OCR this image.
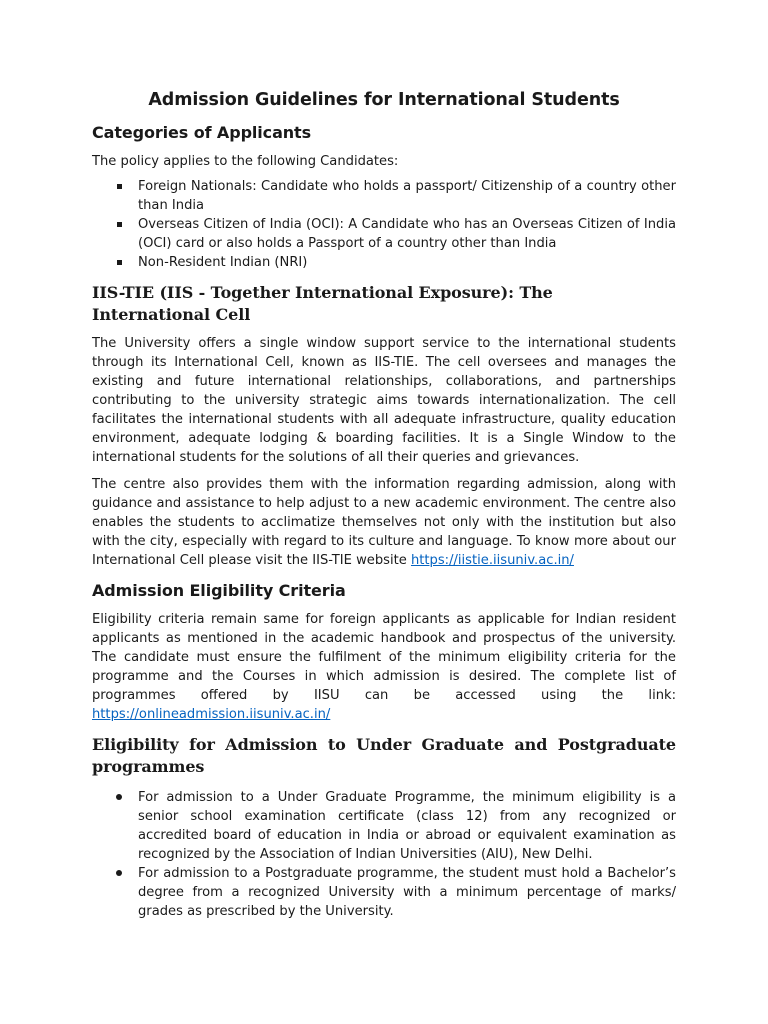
Admission Guidelines for International Students
Categories of Applicants

The policy applies to the following Candidates:

Foreign Nationals: Candidate who holds a passport/ Citizenship of a country other than India
Overseas Citizen of India (OCI): A Candidate who has an Overseas Citizen of India (OCI) card or also holds a Passport of a country other than India
Non-Resident Indian (NRI)
IIS-TIE (IIS - Together International Exposure): The International Cell

The University offers a single window support service to the international students through its International Cell, known as IIS-TIE. The cell oversees and manages the existing and future international relationships, collaborations, and partnerships contributing to the university strategic aims towards internationalization. The cell facilitates the international students with all adequate infrastructure, quality education environment, adequate lodging & boarding facilities. It is a Single Window to the international students for the solutions of all their queries and grievances.

The centre also provides them with the information regarding admission, along with guidance and assistance to help adjust to a new academic environment. The centre also enables the students to acclimatize themselves not only with the institution but also with the city, especially with regard to its culture and language. To know more about our International Cell please visit the IIS-TIE website https://iistie.iisuniv.ac.in/

Admission Eligibility Criteria

Eligibility criteria remain same for foreign applicants as applicable for Indian resident applicants as mentioned in the academic handbook and prospectus of the university. The candidate must ensure the fulfilment of the minimum eligibility criteria for the programme and the Courses in which admission is desired. The complete list of programmes offered by IISU can be accessed using the link:

https://onlineadmission.iisuniv.ac.in/

Eligibility for Admission to Under Graduate and Postgraduate programmes
For admission to a Under Graduate Programme, the minimum eligibility is a senior school examination certificate (class 12) from any recognized or accredited board of education in India or abroad or equivalent examination as recognized by the Association of Indian Universities (AIU), New Delhi.
For admission to a Postgraduate programme, the student must hold a Bachelor’s degree from a recognized University with a minimum percentage of marks/ grades as prescribed by the University.
